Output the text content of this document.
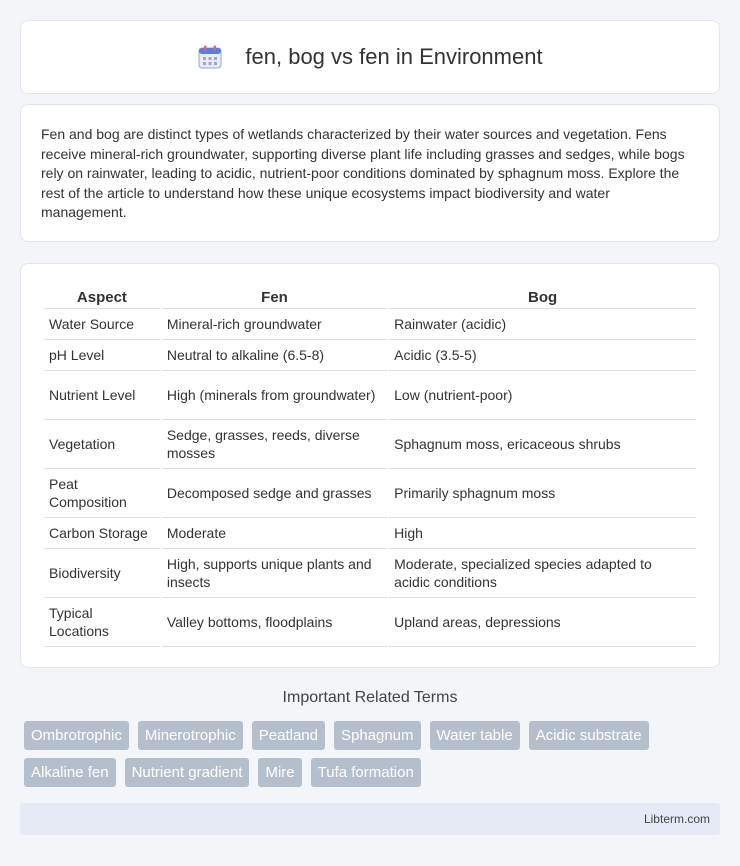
fen, bog vs fen in Environment

Fen and bog are distinct types of wetlands characterized by their water sources and vegetation. Fens receive mineral-rich groundwater, supporting diverse plant life including grasses and sedges, while bogs rely on rainwater, leading to acidic, nutrient-poor conditions dominated by sphagnum moss. Explore the rest of the article to understand how these unique ecosystems impact biodiversity and water management.

Aspect	Fen	Bog
Water Source	Mineral-rich groundwater	Rainwater (acidic)
pH Level	Neutral to alkaline (6.5-8)	Acidic (3.5-5)
Nutrient Level	High (minerals from groundwater)	Low (nutrient-poor)
Vegetation	Sedge, grasses, reeds, diverse mosses	Sphagnum moss, ericaceous shrubs
Peat Composition	Decomposed sedge and grasses	Primarily sphagnum moss
Carbon Storage	Moderate	High
Biodiversity	High, supports unique plants and insects	Moderate, specialized species adapted to acidic conditions
Typical Locations	Valley bottoms, floodplains	Upland areas, depressions
Important Related Terms
Ombrotrophic	Minerotrophic	Peatland	Sphagnum	Water table	Acidic substrate
Alkaline fen	Nutrient gradient	Mire	Tufa formation
Libterm.com
